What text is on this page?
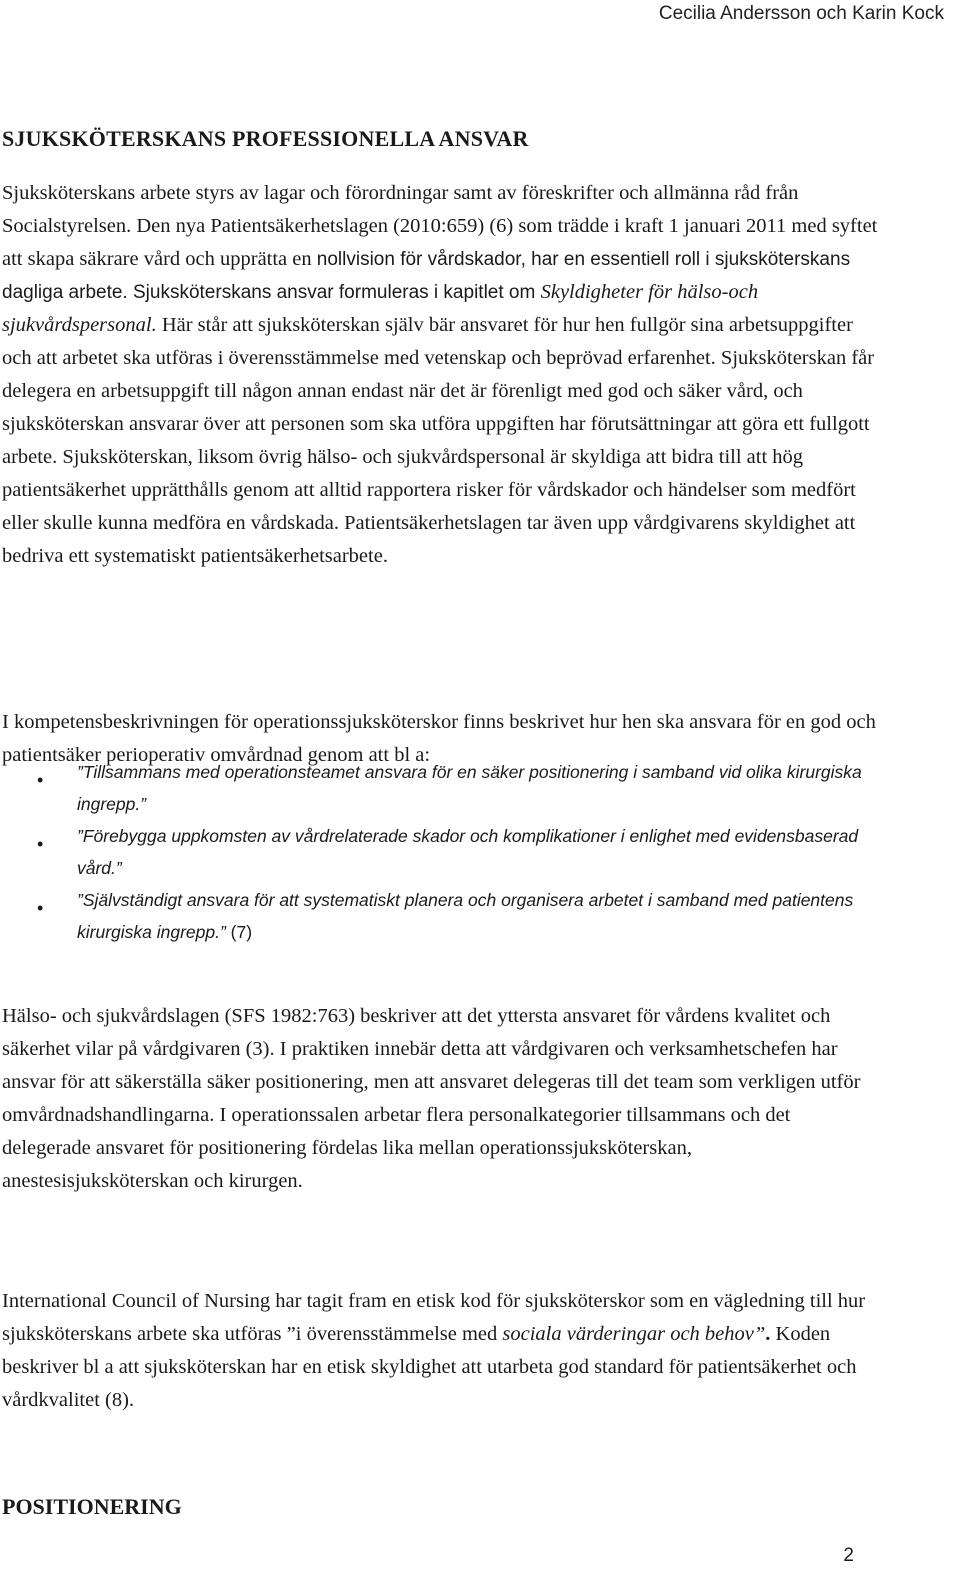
Cecilia Andersson och Karin Kock
SJUKSKÖTERSKANS PROFESSIONELLA ANSVAR

Sjuksköterskans arbete styrs av lagar och förordningar samt av föreskrifter och allmänna råd från Socialstyrelsen. Den nya Patientsäkerhetslagen (2010:659) (6) som trädde i kraft 1 januari 2011 med syftet att skapa säkrare vård och upprätta en nollvision för vårdskador, har en essentiell roll i sjuksköterskans dagliga arbete. Sjuksköterskans ansvar formuleras i kapitlet om Skyldigheter för hälso-och sjukvårdspersonal. Här står att sjuksköterskan själv bär ansvaret för hur hen fullgör sina arbetsuppgifter och att arbetet ska utföras i överensstämmelse med vetenskap och beprövad erfarenhet. Sjuksköterskan får delegera en arbetsuppgift till någon annan endast när det är förenligt med god och säker vård, och sjuksköterskan ansvarar över att personen som ska utföra uppgiften har förutsättningar att göra ett fullgott arbete. Sjuksköterskan, liksom övrig hälso- och sjukvårdspersonal är skyldiga att bidra till att hög patientsäkerhet upprätthålls genom att alltid rapportera risker för vårdskador och händelser som medfört eller skulle kunna medföra en vårdskada. Patientsäkerhetslagen tar även upp vårdgivarens skyldighet att bedriva ett systematiskt patientsäkerhetsarbete.

I kompetensbeskrivningen för operationssjuksköterskor finns beskrivet hur hen ska ansvara för en god och patientsäker perioperativ omvårdnad genom att bl a:

• ”Tillsammans med operationsteamet ansvara för en säker positionering i samband vid olika kirurgiska ingrepp.”
• ”Förebygga uppkomsten av vårdrelaterade skador och komplikationer i enlighet med evidensbaserad vård.”
• ”Självständigt ansvara för att systematiskt planera och organisera arbetet i samband med patientens kirurgiska ingrepp.” (7)

Hälso- och sjukvårdslagen (SFS 1982:763) beskriver att det yttersta ansvaret för vårdens kvalitet och säkerhet vilar på vårdgivaren (3). I praktiken innebär detta att vårdgivaren och verksamhetschefen har ansvar för att säkerställa säker positionering, men att ansvaret delegeras till det team som verkligen utför omvårdnadshandlingarna. I operationssalen arbetar flera personalkategorier tillsammans och det delegerade ansvaret för positionering fördelas lika mellan operationssjuksköterskan, anestesisjuksköterskan och kirurgen.

International Council of Nursing har tagit fram en etisk kod för sjuksköterskor som en vägledning till hur sjuksköterskans arbete ska utföras ”i överensstämmelse med sociala värderingar och behov”. Koden beskriver bl a att sjuksköterskan har en etisk skyldighet att utarbeta god standard för patientsäkerhet och vårdkvalitet (8).

POSITIONERING
2
